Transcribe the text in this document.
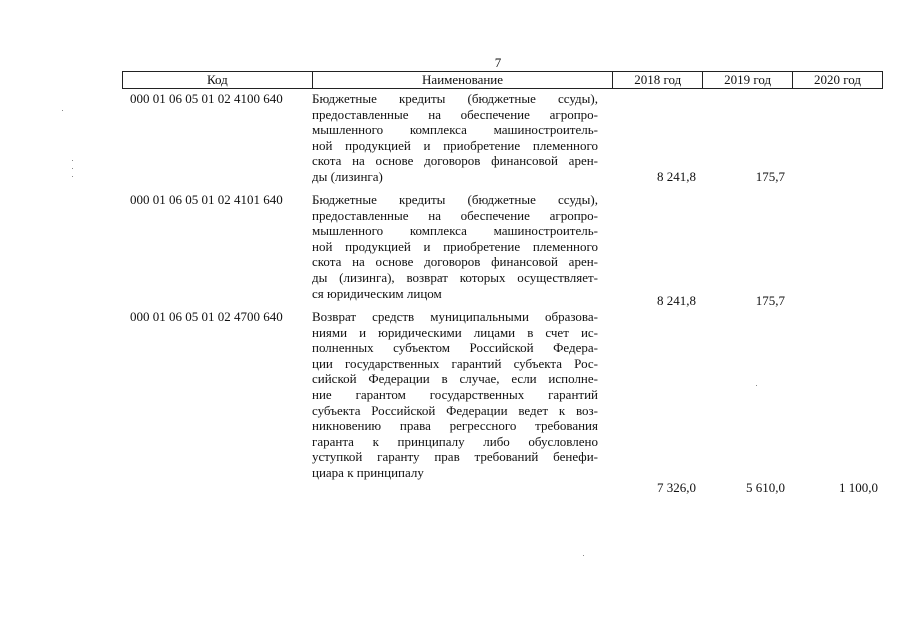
7
Код	Наименование	2018 год	2019 год	2020 год
000 01 06 05 01 02 4100 640 Бюджетные кредиты (бюджетные ссуды),
предоставленные на обеспечение агропро-
мышленного комплекса машиностроитель-
ной продукцией и приобретение племенного
скота на основе договоров финансовой арен-
ды (лизинга)	8 241,8	175,7
000 01 06 05 01 02 4101 640 Бюджетные кредиты (бюджетные ссуды),
предоставленные на обеспечение агропро-
мышленного комплекса машиностроитель-
ной продукцией и приобретение племенного
скота на основе договоров финансовой арен-
ды (лизинга), возврат которых осуществляет-
ся юридическим лицом	8 241,8	175,7
000 01 06 05 01 02 4700 640 Возврат средств муниципальными образова-
ниями и юридическими лицами в счет ис-
полненных субъектом Российской Федера-
ции государственных гарантий субъекта Рос-
сийской Федерации в случае, если исполне-
ние гарантом государственных гарантий
субъекта Российской Федерации ведет к воз-
никновению права регрессного требования
гаранта к принципалу либо обусловлено
уступкой гаранту прав требований бенефи-
циара к принципалу
7 326,0	5 610,0	1 100,0
